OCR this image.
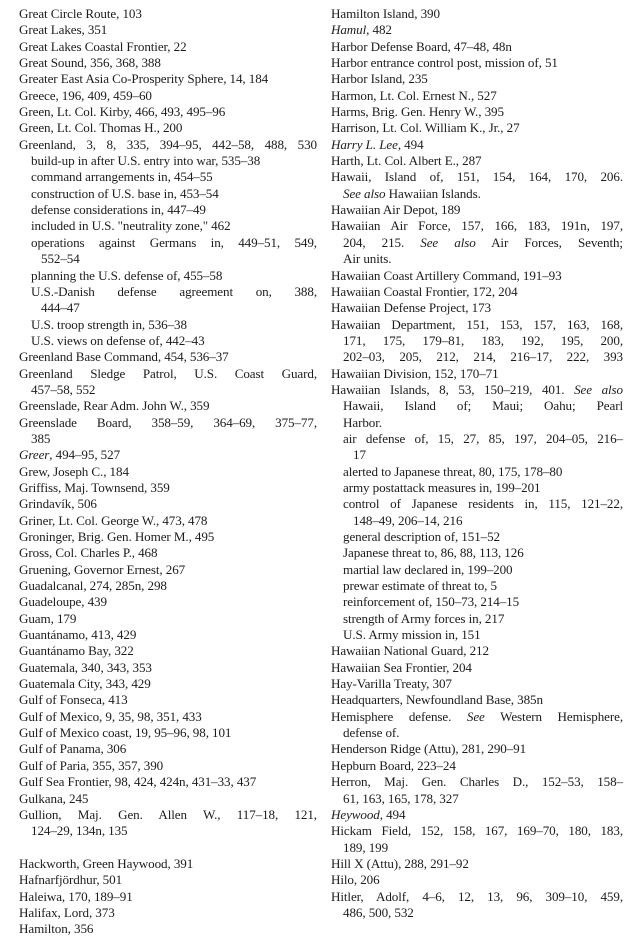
Great Circle Route, 103
Great Lakes, 351
Great Lakes Coastal Frontier, 22
Great Sound, 356, 368, 388
Greater East Asia Co-Prosperity Sphere, 14, 184
Greece, 196, 409, 459–60
Green, Lt. Col. Kirby, 466, 493, 495–96
Green, Lt. Col. Thomas H., 200
Greenland, 3, 8, 335, 394–95, 442–58, 488, 530
build-up in after U.S. entry into war, 535–38
command arrangements in, 454–55
construction of U.S. base in, 453–54
defense considerations in, 447–49
included in U.S. "neutrality zone," 462
operations against Germans in, 449–51, 549,
552–54
planning the U.S. defense of, 455–58
U.S.-Danish defense agreement on, 388,
444–47
U.S. troop strength in, 536–38
U.S. views on defense of, 442–43
Greenland Base Command, 454, 536–37
Greenland Sledge Patrol, U.S. Coast Guard,
457–58, 552
Greenslade, Rear Adm. John W., 359
Greenslade Board, 358–59, 364–69, 375–77,
385
Greer, 494–95, 527
Grew, Joseph C., 184
Griffiss, Maj. Townsend, 359
Grindavík, 506
Griner, Lt. Col. George W., 473, 478
Groninger, Brig. Gen. Homer M., 495
Gross, Col. Charles P., 468
Gruening, Governor Ernest, 267
Guadalcanal, 274, 285n, 298
Guadeloupe, 439
Guam, 179
Guantánamo, 413, 429
Guantánamo Bay, 322
Guatemala, 340, 343, 353
Guatemala City, 343, 429
Gulf of Fonseca, 413
Gulf of Mexico, 9, 35, 98, 351, 433
Gulf of Mexico coast, 19, 95–96, 98, 101
Gulf of Panama, 306
Gulf of Paria, 355, 357, 390
Gulf Sea Frontier, 98, 424, 424n, 431–33, 437
Gulkana, 245
Gullion, Maj. Gen. Allen W., 117–18, 121,
124–29, 134n, 135
Hackworth, Green Haywood, 391
Hafnarfjördhur, 501
Haleiwa, 170, 189–91
Halifax, Lord, 373
Hamilton, 356
Hamilton Island, 390
Hamul, 482
Harbor Defense Board, 47–48, 48n
Harbor entrance control post, mission of, 51
Harbor Island, 235
Harmon, Lt. Col. Ernest N., 527
Harms, Brig. Gen. Henry W., 395
Harrison, Lt. Col. William K., Jr., 27
Harry L. Lee, 494
Harth, Lt. Col. Albert E., 287
Hawaii, Island of, 151, 154, 164, 170, 206.
See also Hawaiian Islands.
Hawaiian Air Depot, 189
Hawaiian Air Force, 157, 166, 183, 191n, 197,
204, 215. See also Air Forces, Seventh;
Air units.
Hawaiian Coast Artillery Command, 191–93
Hawaiian Coastal Frontier, 172, 204
Hawaiian Defense Project, 173
Hawaiian Department, 151, 153, 157, 163, 168,
171, 175, 179–81, 183, 192, 195, 200,
202–03, 205, 212, 214, 216–17, 222, 393
Hawaiian Division, 152, 170–71
Hawaiian Islands, 8, 53, 150–219, 401. See also
Hawaii, Island of; Maui; Oahu; Pearl
Harbor.
air defense of, 15, 27, 85, 197, 204–05, 216–
17
alerted to Japanese threat, 80, 175, 178–80
army postattack measures in, 199–201
control of Japanese residents in, 115, 121–22,
148–49, 206–14, 216
general description of, 151–52
Japanese threat to, 86, 88, 113, 126
martial law declared in, 199–200
prewar estimate of threat to, 5
reinforcement of, 150–73, 214–15
strength of Army forces in, 217
U.S. Army mission in, 151
Hawaiian National Guard, 212
Hawaiian Sea Frontier, 204
Hay-Varilla Treaty, 307
Headquarters, Newfoundland Base, 385n
Hemisphere defense. See Western Hemisphere,
defense of.
Henderson Ridge (Attu), 281, 290–91
Hepburn Board, 223–24
Herron, Maj. Gen. Charles D., 152–53, 158–
61, 163, 165, 178, 327
Heywood, 494
Hickam Field, 152, 158, 167, 169–70, 180, 183,
189, 199
Hill X (Attu), 288, 291–92
Hilo, 206
Hitler, Adolf, 4–6, 12, 13, 96, 309–10, 459,
486, 500, 532
